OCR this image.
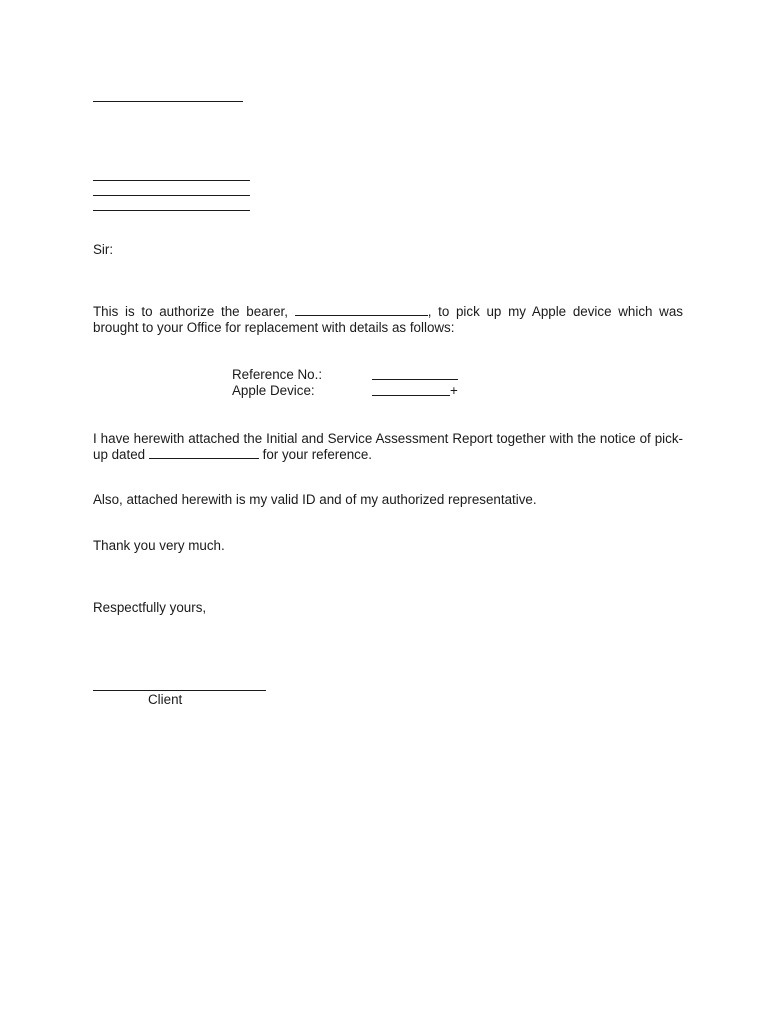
Sir:
This is to authorize the bearer,	, to pick up my Apple device which was brought to your Office for replacement with details as follows:
Reference No.:
Apple Device:	+
I have herewith attached the Initial and Service Assessment Report together with the notice of pick-up dated	for your reference.
Also, attached herewith is my valid ID and of my authorized representative.
Thank you very much.
Respectfully yours,
Client
